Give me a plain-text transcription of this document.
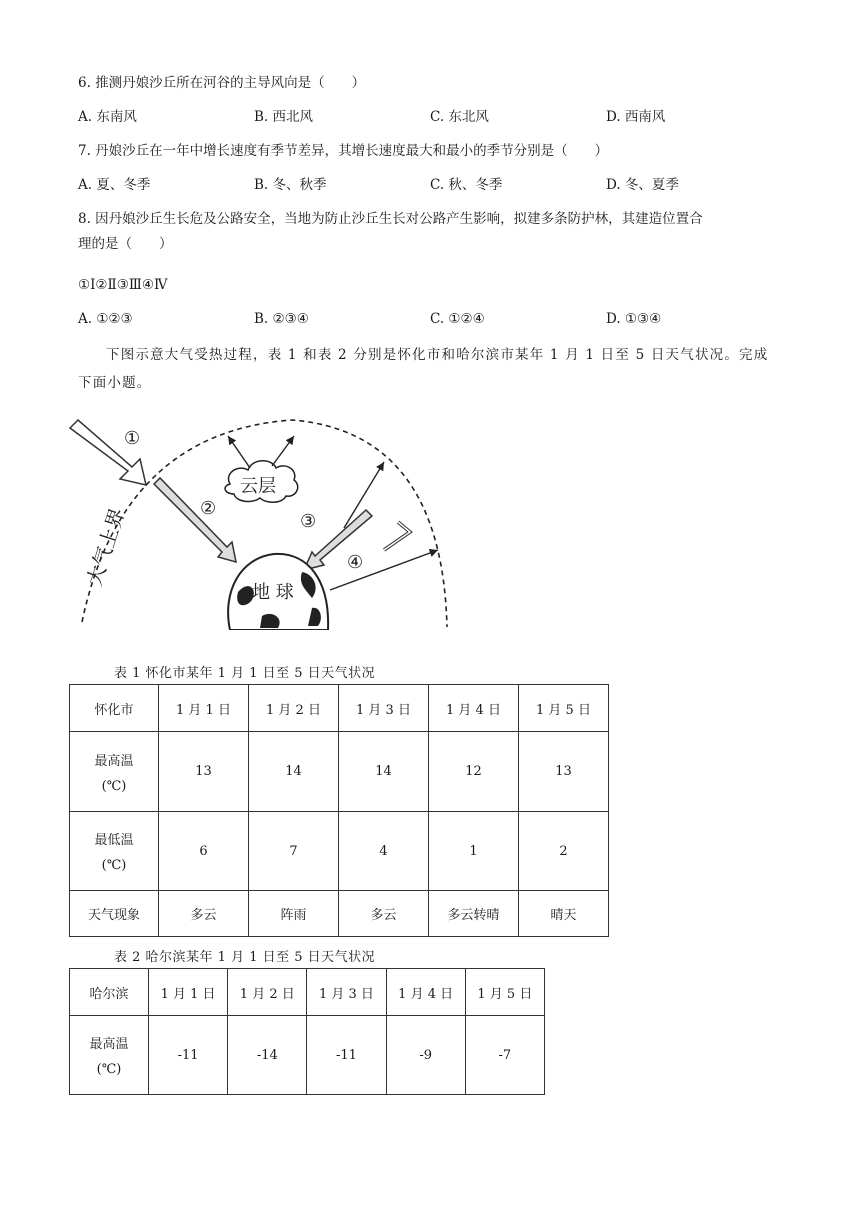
6. 推测丹娘沙丘所在河谷的主导风向是（　　）
A. 东南风	B. 西北风	C. 东北风	D. 西南风
7. 丹娘沙丘在一年中增长速度有季节差异，其增长速度最大和最小的季节分别是（　　）
A. 夏、冬季	B. 冬、秋季	C. 秋、冬季	D. 冬、夏季
8. 因丹娘沙丘生长危及公路安全，当地为防止沙丘生长对公路产生影响，拟建多条防护林，其建造位置合
理的是（　　）
①Ⅰ②Ⅱ③Ⅲ④Ⅳ
A. ①②③	B. ②③④	C. ①②④	D. ①③④
下图示意大气受热过程，表 1 和表 2 分别是怀化市和哈尔滨市某年 1 月 1 日至 5 日天气状况。完成下面小题。
大气上界
①
②
云层
③
④
地 球
表 1 怀化市某年 1 月 1 日至 5 日天气状况
怀化市	1 月 1 日	1 月 2 日	1 月 3 日	1 月 4 日	1 月 5 日

最高温
(℃)	13	14	14	12	13

最低温
(℃)	6	7	4	1	2
天气现象	多云	阵雨	多云	多云转晴	晴天
表 2 哈尔滨某年 1 月 1 日至 5 日天气状况
哈尔滨	1 月 1 日	1 月 2 日	1 月 3 日	1 月 4 日	1 月 5 日

最高温
(℃)	-11	-14	-11	-9	-7
